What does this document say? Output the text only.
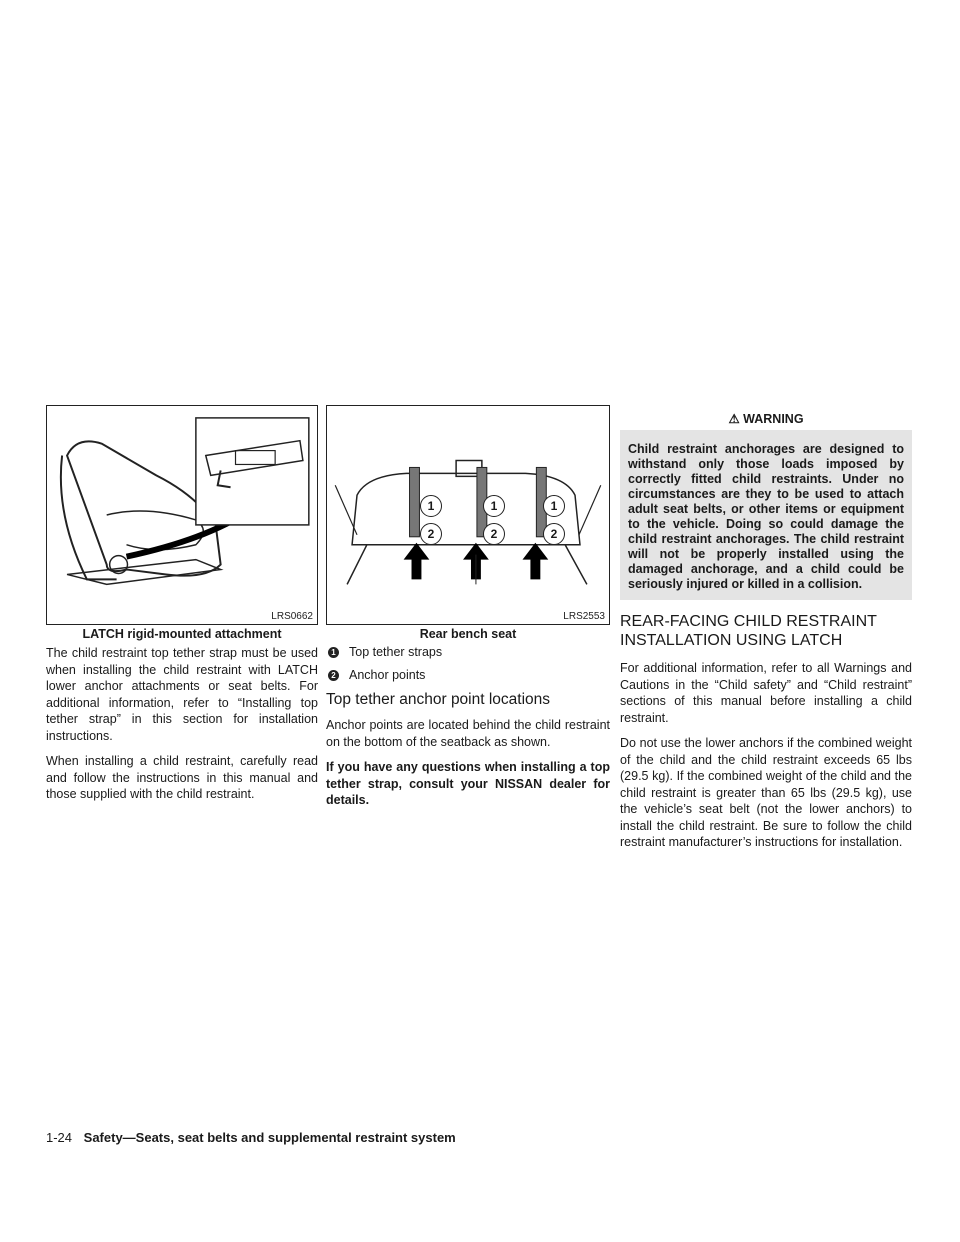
LRS0662
LATCH rigid-mounted attachment

The child restraint top tether strap must be used when installing the child restraint with LATCH lower anchor attachments or seat belts. For additional information, refer to “Installing top tether strap” in this section for installation instructions.

When installing a child restraint, carefully read and follow the instructions in this manual and those supplied with the child restraint.

1
2
1
2
1
2
LRS2553
Rear bench seat
1 Top tether straps
2 Anchor points
Top tether anchor point locations

Anchor points are located behind the child restraint on the bottom of the seatback as shown.

If you have any questions when installing a top tether strap, consult your NISSAN dealer for details.

⚠ WARNING
Child restraint anchorages are designed to withstand only those loads imposed by correctly fitted child restraints. Under no circumstances are they to be used to attach adult seat belts, or other items or equipment to the vehicle. Doing so could damage the child restraint anchorages. The child restraint will not be properly installed using the damaged anchorage, and a child could be seriously injured or killed in a collision.
REAR-FACING CHILD RESTRAINT INSTALLATION USING LATCH

For additional information, refer to all Warnings and Cautions in the “Child safety” and “Child restraint” sections of this manual before installing a child restraint.

Do not use the lower anchors if the combined weight of the child and the child restraint exceeds 65 lbs (29.5 kg). If the combined weight of the child and the child restraint is greater than 65 lbs (29.5 kg), use the vehicle’s seat belt (not the lower anchors) to install the child restraint. Be sure to follow the child restraint manufacturer’s instructions for installation.

1-24 Safety—Seats, seat belts and supplemental restraint system
